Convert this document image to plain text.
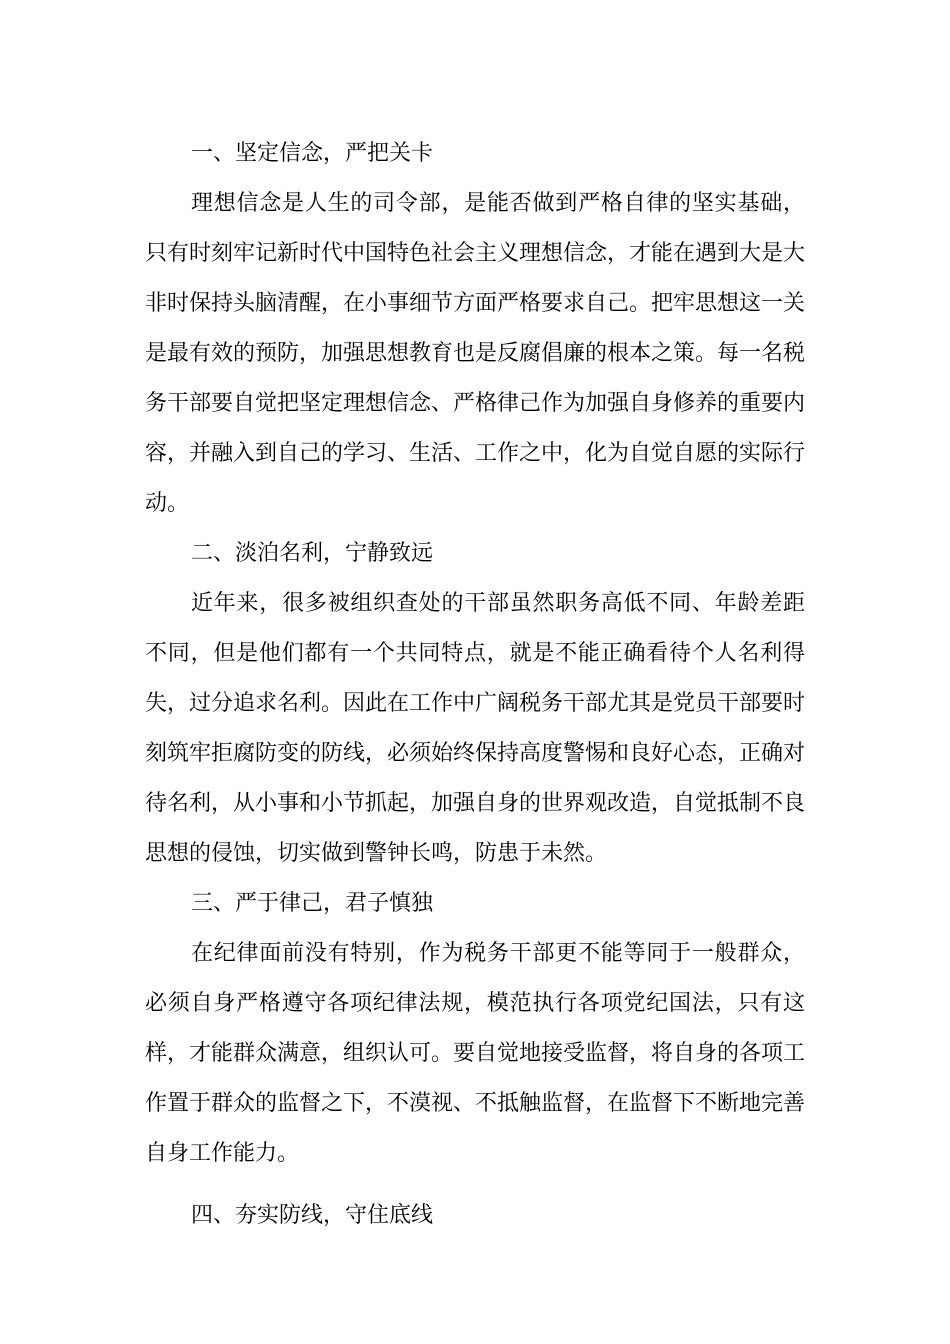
一、坚定信念，严把关卡

理想信念是人生的司令部，是能否做到严格自律的坚实基础，只有时刻牢记新时代中国特色社会主义理想信念，才能在遇到大是大非时保持头脑清醒，在小事细节方面严格要求自己。把牢思想这一关是最有效的预防，加强思想教育也是反腐倡廉的根本之策。每一名税务干部要自觉把坚定理想信念、严格律己作为加强自身修养的重要内容，并融入到自己的学习、生活、工作之中，化为自觉自愿的实际行动。

二、淡泊名利，宁静致远

近年来，很多被组织查处的干部虽然职务高低不同、年龄差距不同，但是他们都有一个共同特点，就是不能正确看待个人名利得失，过分追求名利。因此在工作中广阔税务干部尤其是党员干部要时刻筑牢拒腐防变的防线，必须始终保持高度警惕和良好心态，正确对待名利，从小事和小节抓起，加强自身的世界观改造，自觉抵制不良思想的侵蚀，切实做到警钟长鸣，防患于未然。

三、严于律己，君子慎独

在纪律面前没有特别，作为税务干部更不能等同于一般群众，必须自身严格遵守各项纪律法规，模范执行各项党纪国法，只有这样，才能群众满意，组织认可。要自觉地接受监督，将自身的各项工作置于群众的监督之下，不漠视、不抵触监督，在监督下不断地完善自身工作能力。

四、夯实防线，守住底线
